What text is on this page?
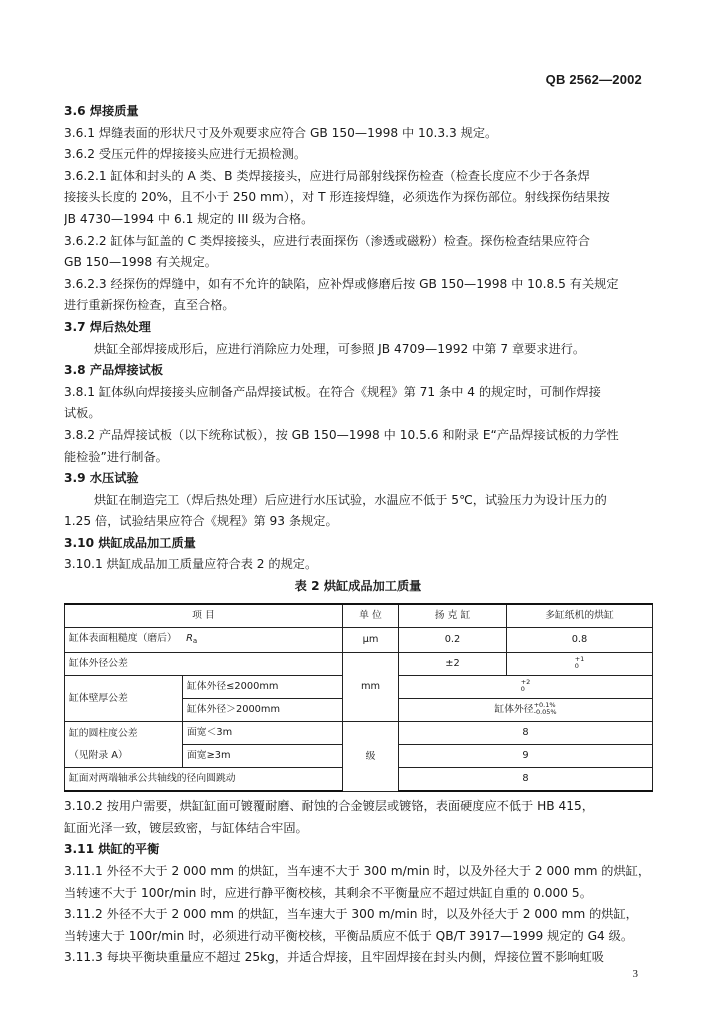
QB 2562—2002
3.6 焊接质量
3.6.1 焊缝表面的形状尺寸及外观要求应符合 GB 150—1998 中 10.3.3 规定。
3.6.2 受压元件的焊接接头应进行无损检测。
3.6.2.1 缸体和封头的 A 类、B 类焊接接头，应进行局部射线探伤检查（检查长度应不少于各条焊
接接头长度的 20%，且不小于 250 mm），对 T 形连接焊缝，必须选作为探伤部位。射线探伤结果按
JB 4730—1994 中 6.1 规定的 III 级为合格。
3.6.2.2 缸体与缸盖的 C 类焊接接头，应进行表面探伤（渗透或磁粉）检查。探伤检查结果应符合
GB 150—1998 有关规定。
3.6.2.3 经探伤的焊缝中，如有不允许的缺陷，应补焊或修磨后按 GB 150—1998 中 10.8.5 有关规定
进行重新探伤检查，直至合格。
3.7 焊后热处理
烘缸全部焊接成形后，应进行消除应力处理，可参照 JB 4709—1992 中第 7 章要求进行。
3.8 产品焊接试板
3.8.1 缸体纵向焊接接头应制备产品焊接试板。在符合《规程》第 71 条中 4 的规定时，可制作焊接
试板。
3.8.2 产品焊接试板（以下统称试板），按 GB 150—1998 中 10.5.6 和附录 E“产品焊接试板的力学性
能检验”进行制备。
3.9 水压试验
烘缸在制造完工（焊后热处理）后应进行水压试验，水温应不低于 5℃，试验压力为设计压力的
1.25 倍，试验结果应符合《规程》第 93 条规定。
3.10 烘缸成品加工质量
3.10.1 烘缸成品加工质量应符合表 2 的规定。
表 2 烘缸成品加工质量
项 目		单 位	扬 克 缸	多缸纸机的烘缸
缸体表面粗糙度（磨后） $R_a$		μm	0.2	0.8
缸体外径公差		mm	±2	+1
0
缸体壁厚公差	缸体外径≤2000mm		+2
0	
	缸体外径＞2000mm		缸体外径+0.1%
-0.05%	
缸的圆柱度公差
（见附录 A）	面宽＜3m	级	8	
	面宽≥3m		9	
缸面对两端轴承公共轴线的径向圆跳动			8	
3.10.2 按用户需要，烘缸缸面可镀覆耐磨、耐蚀的合金镀层或镀铬，表面硬度应不低于 HB 415，
缸面光泽一致，镀层致密，与缸体结合牢固。
3.11 烘缸的平衡
3.11.1 外径不大于 2 000 mm 的烘缸，当车速不大于 300 m/min 时，以及外径大于 2 000 mm 的烘缸，
当转速不大于 100r/min 时，应进行静平衡校核，其剩余不平衡量应不超过烘缸自重的 0.000 5。
3.11.2 外径不大于 2 000 mm 的烘缸，当车速大于 300 m/min 时，以及外径大于 2 000 mm 的烘缸，
当转速大于 100r/min 时，必须进行动平衡校核，平衡品质应不低于 QB/T 3917—1999 规定的 G4 级。
3.11.3 每块平衡块重量应不超过 25kg，并适合焊接，且牢固焊接在封头内侧，焊接位置不影响虹吸
3
